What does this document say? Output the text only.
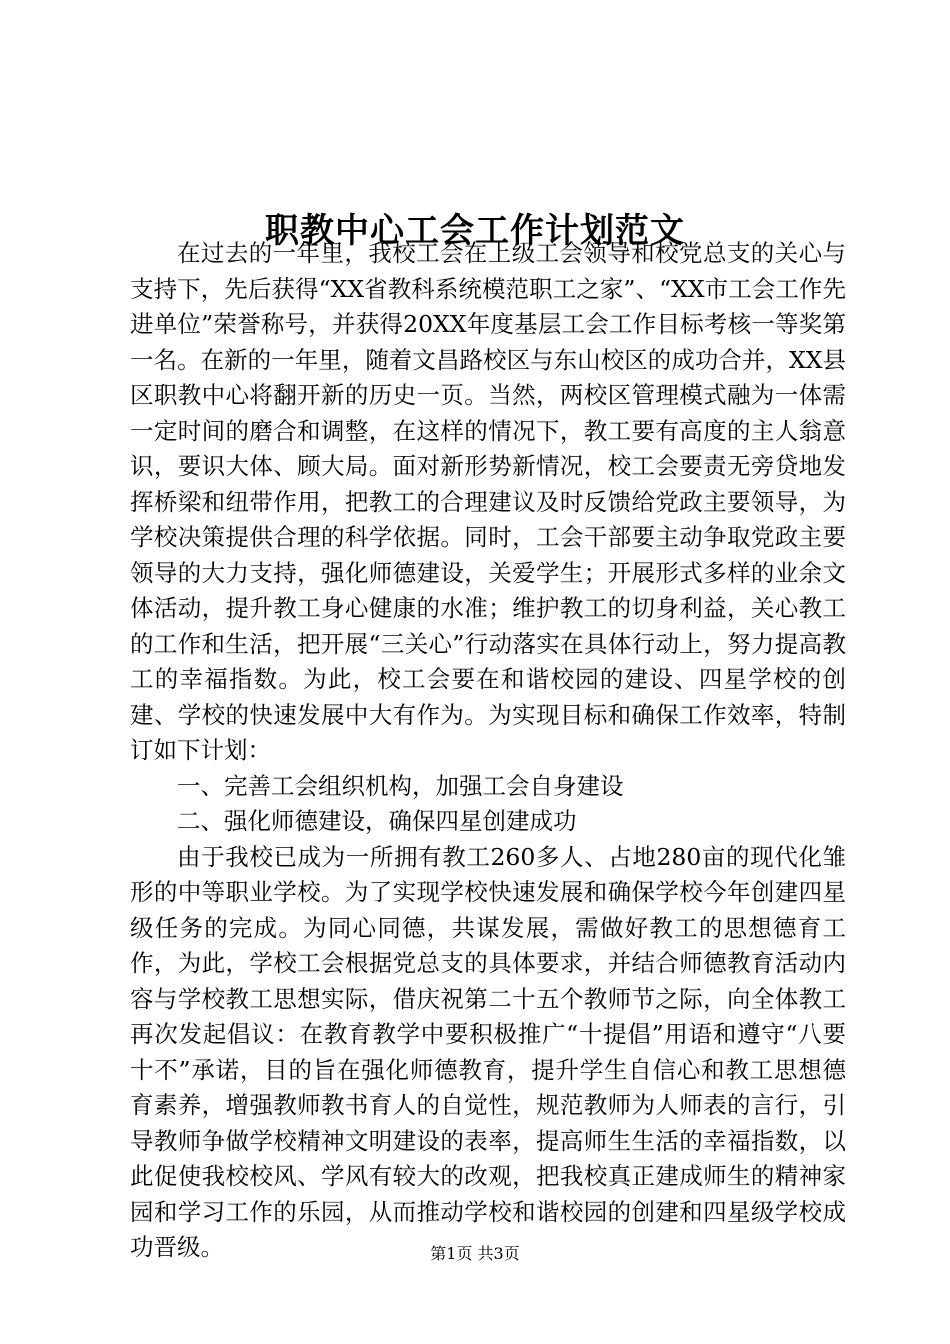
职教中心工会工作计划范文

在过去的一年里，我校工会在上级工会领导和校党总支的关心与支持下，先后获得“XX省教科系统模范职工之家”、“XX市工会工作先进单位”荣誉称号，并获得20XX年度基层工会工作目标考核一等奖第一名。在新的一年里，随着文昌路校区与东山校区的成功合并，XX县区职教中心将翻开新的历史一页。当然，两校区管理模式融为一体需一定时间的磨合和调整，在这样的情况下，教工要有高度的主人翁意识，要识大体、顾大局。面对新形势新情况，校工会要责无旁贷地发挥桥梁和纽带作用，把教工的合理建议及时反馈给党政主要领导，为学校决策提供合理的科学依据。同时，工会干部要主动争取党政主要领导的大力支持，强化师德建设，关爱学生；开展形式多样的业余文体活动，提升教工身心健康的水准；维护教工的切身利益，关心教工的工作和生活，把开展“三关心”行动落实在具体行动上，努力提高教工的幸福指数。为此，校工会要在和谐校园的建设、四星学校的创建、学校的快速发展中大有作为。为实现目标和确保工作效率，特制订如下计划：

一、完善工会组织机构，加强工会自身建设

二、强化师德建设，确保四星创建成功

由于我校已成为一所拥有教工260多人、占地280亩的现代化雏形的中等职业学校。为了实现学校快速发展和确保学校今年创建四星级任务的完成。为同心同德，共谋发展，需做好教工的思想德育工作，为此，学校工会根据党总支的具体要求，并结合师德教育活动内容与学校教工思想实际，借庆祝第二十五个教师节之际，向全体教工再次发起倡议：在教育教学中要积极推广“十提倡”用语和遵守“八要十不”承诺，目的旨在强化师德教育，提升学生自信心和教工思想德育素养，增强教师教书育人的自觉性，规范教师为人师表的言行，引导教师争做学校精神文明建设的表率，提高师生生活的幸福指数，以此促使我校校风、学风有较大的改观，把我校真正建成师生的精神家园和学习工作的乐园，从而推动学校和谐校园的创建和四星级学校成功晋级。	第1页 共3页
